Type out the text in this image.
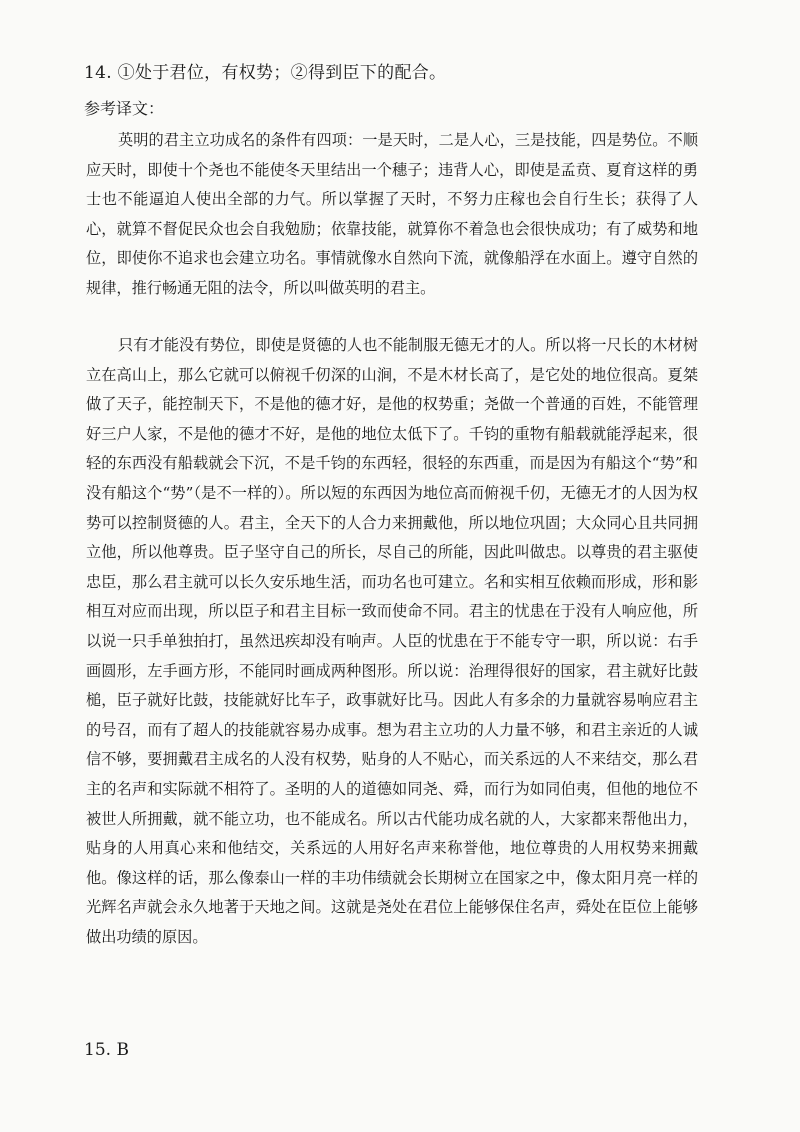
14. ①处于君位，有权势；②得到臣下的配合。
参考译文：

英明的君主立功成名的条件有四项：一是天时，二是人心，三是技能，四是势位。不顺应天时，即使十个尧也不能使冬天里结出一个穗子；违背人心，即使是孟贲、夏育这样的勇士也不能逼迫人使出全部的力气。所以掌握了天时，不努力庄稼也会自行生长；获得了人心，就算不督促民众也会自我勉励；依靠技能，就算你不着急也会很快成功；有了威势和地位，即使你不追求也会建立功名。事情就像水自然向下流，就像船浮在水面上。遵守自然的规律，推行畅通无阻的法令，所以叫做英明的君主。

只有才能没有势位，即使是贤德的人也不能制服无德无才的人。所以将一尺长的木材树立在高山上，那么它就可以俯视千仞深的山涧，不是木材长高了，是它处的地位很高。夏桀做了天子，能控制天下，不是他的德才好，是他的权势重；尧做一个普通的百姓，不能管理好三户人家，不是他的德才不好，是他的地位太低下了。千钧的重物有船载就能浮起来，很轻的东西没有船载就会下沉，不是千钧的东西轻，很轻的东西重，而是因为有船这个“势”和没有船这个“势”（是不一样的）。所以短的东西因为地位高而俯视千仞，无德无才的人因为权势可以控制贤德的人。君主，全天下的人合力来拥戴他，所以地位巩固；大众同心且共同拥立他，所以他尊贵。臣子坚守自己的所长，尽自己的所能，因此叫做忠。以尊贵的君主驱使忠臣，那么君主就可以长久安乐地生活，而功名也可建立。名和实相互依赖而形成，形和影相互对应而出现，所以臣子和君主目标一致而使命不同。君主的忧患在于没有人响应他，所以说一只手单独拍打，虽然迅疾却没有响声。人臣的忧患在于不能专守一职，所以说：右手画圆形，左手画方形，不能同时画成两种图形。所以说：治理得很好的国家，君主就好比鼓槌，臣子就好比鼓，技能就好比车子，政事就好比马。因此人有多余的力量就容易响应君主的号召，而有了超人的技能就容易办成事。想为君主立功的人力量不够，和君主亲近的人诚信不够，要拥戴君主成名的人没有权势，贴身的人不贴心，而关系远的人不来结交，那么君主的名声和实际就不相符了。圣明的人的道德如同尧、舜，而行为如同伯夷，但他的地位不被世人所拥戴，就不能立功，也不能成名。所以古代能功成名就的人，大家都来帮他出力，贴身的人用真心来和他结交，关系远的人用好名声来称誉他，地位尊贵的人用权势来拥戴他。像这样的话，那么像泰山一样的丰功伟绩就会长期树立在国家之中，像太阳月亮一样的光辉名声就会永久地著于天地之间。这就是尧处在君位上能够保住名声，舜处在臣位上能够做出功绩的原因。

15. B
